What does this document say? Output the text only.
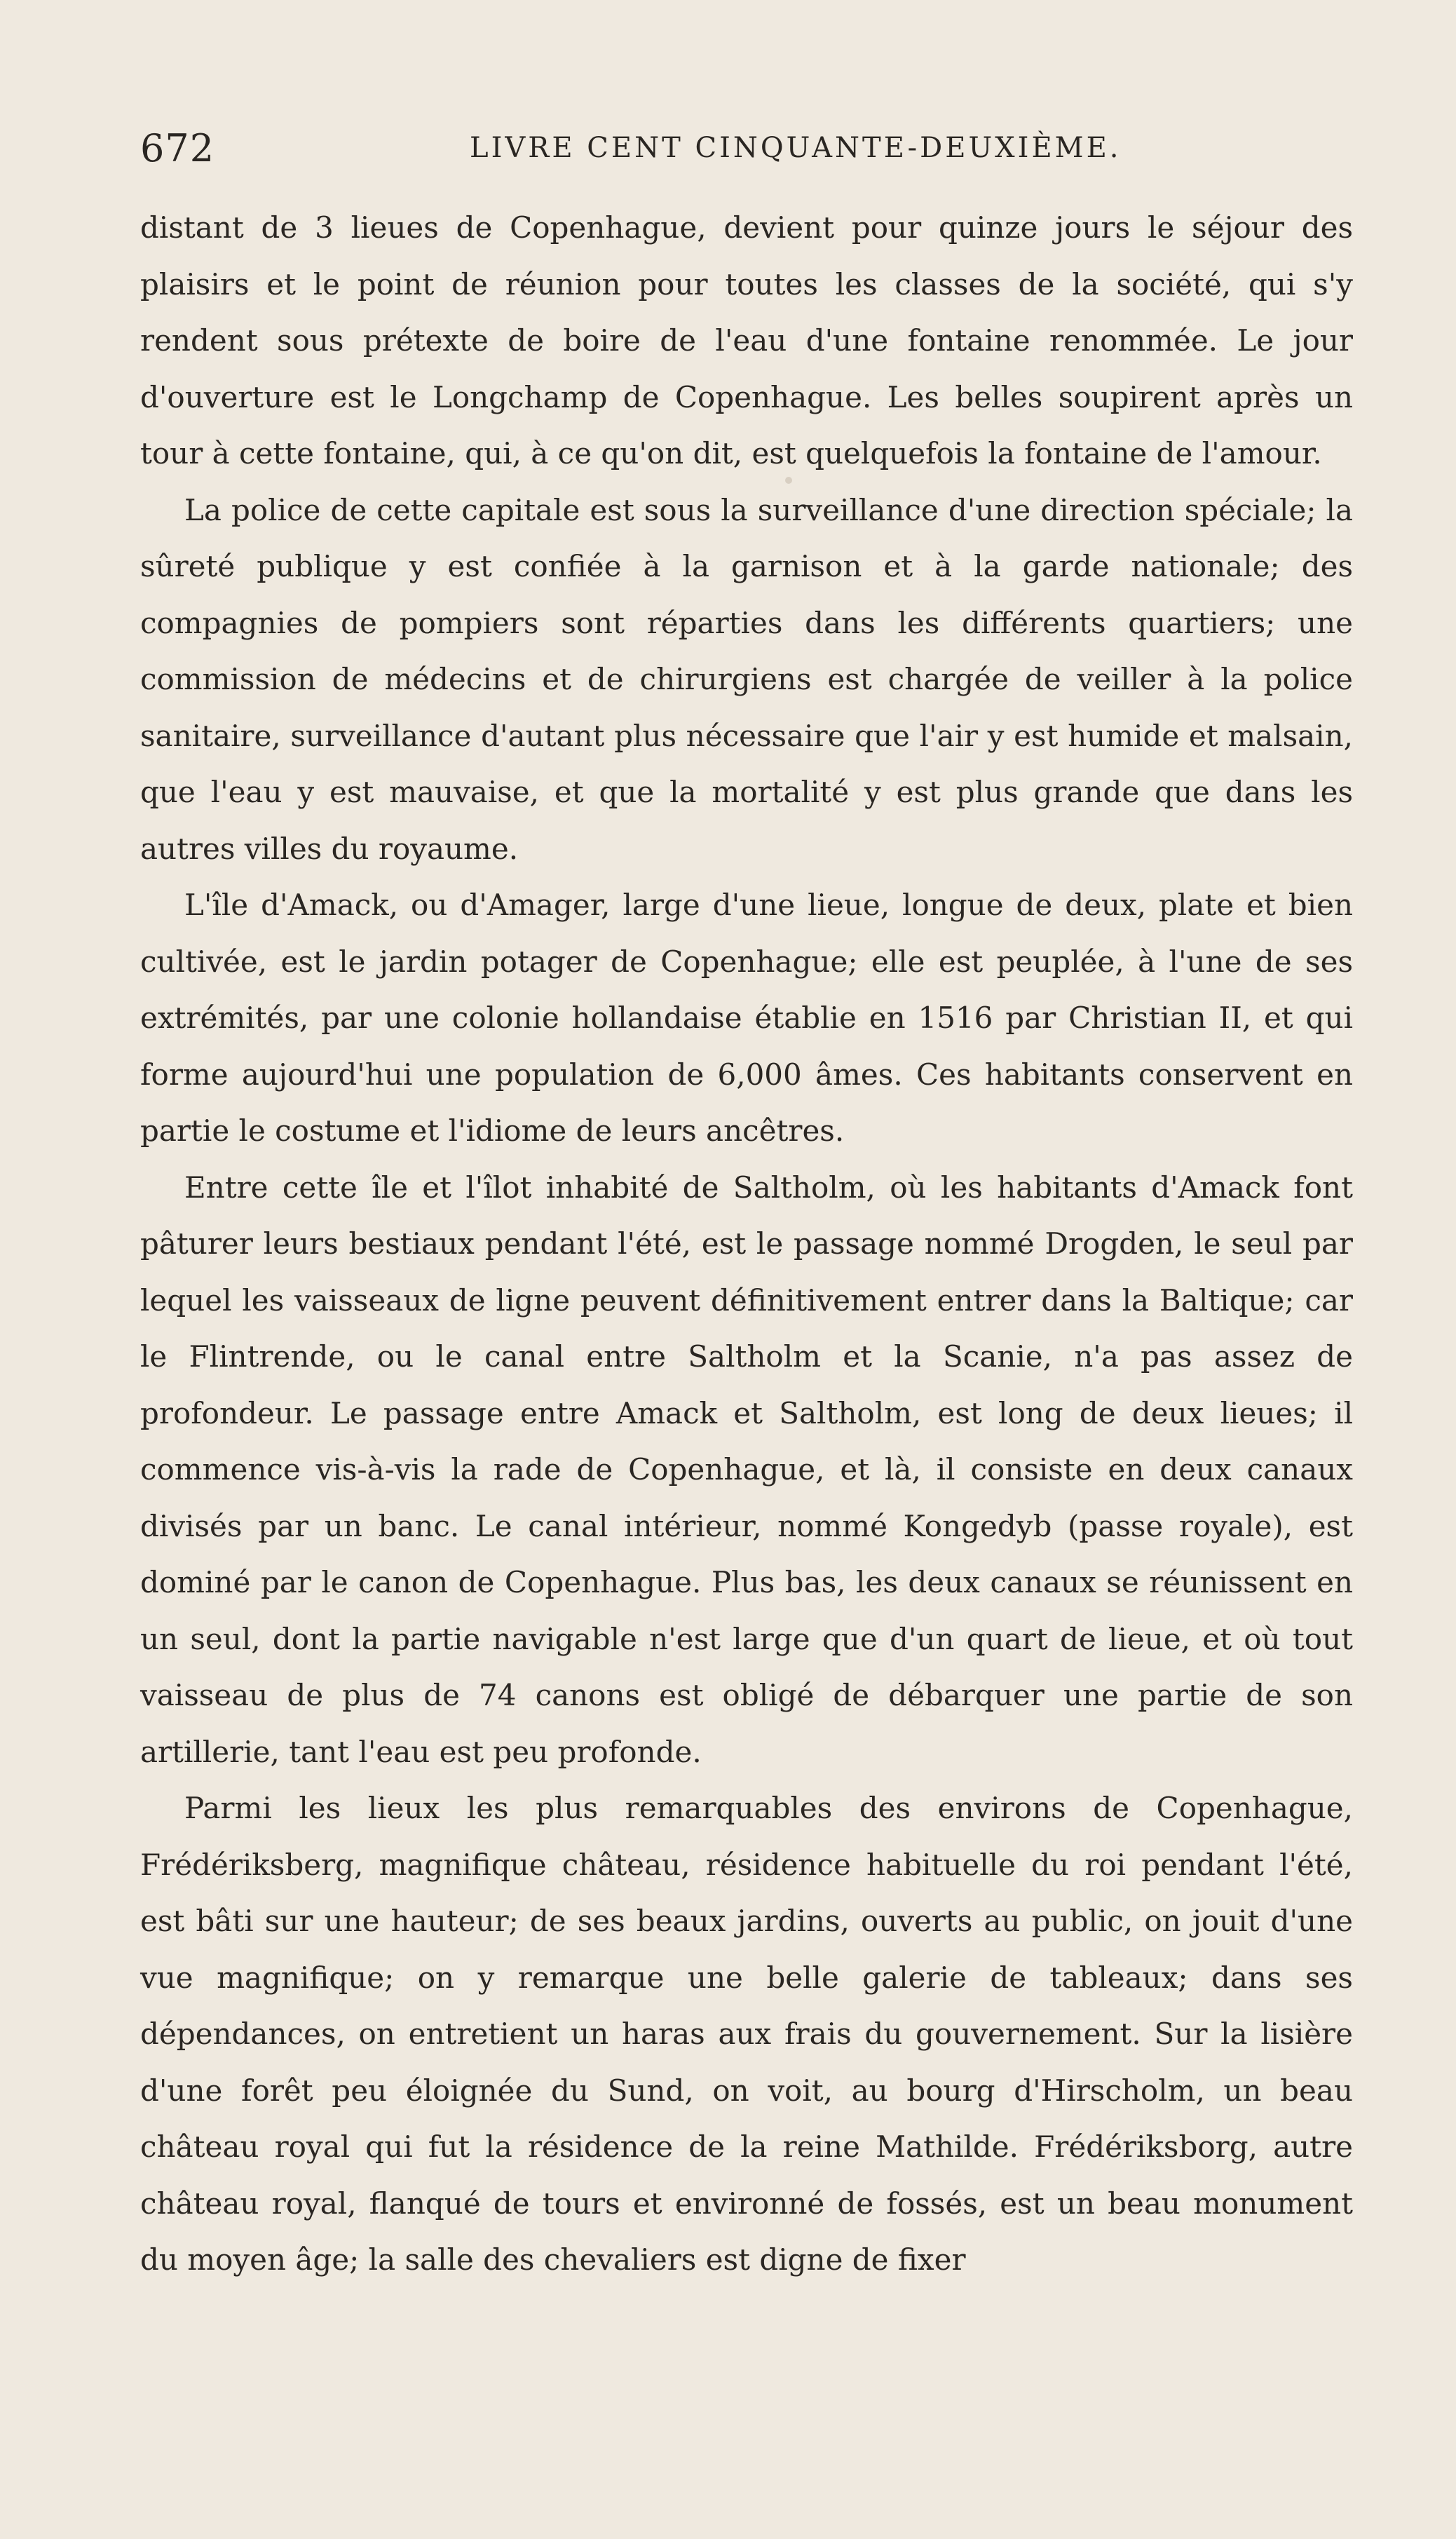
672	LIVRE CENT CINQUANTE-DEUXIÈME.

distant de 3 lieues de Copenhague, devient pour quinze jours le séjour des plaisirs et le point de réunion pour toutes les classes de la société, qui s'y rendent sous prétexte de boire de l'eau d'une fontaine renommée. Le jour d'ouverture est le Longchamp de Copenhague. Les belles soupirent après un tour à cette fontaine, qui, à ce qu'on dit, est quelquefois la fontaine de l'amour.

La police de cette capitale est sous la surveillance d'une direction spéciale; la sûreté publique y est confiée à la garnison et à la garde nationale; des compagnies de pompiers sont réparties dans les différents quartiers; une commission de médecins et de chirurgiens est chargée de veiller à la police sanitaire, surveillance d'autant plus nécessaire que l'air y est humide et malsain, que l'eau y est mauvaise, et que la mortalité y est plus grande que dans les autres villes du royaume.

L'île d'Amack, ou d'Amager, large d'une lieue, longue de deux, plate et bien cultivée, est le jardin potager de Copenhague; elle est peuplée, à l'une de ses extrémités, par une colonie hollandaise établie en 1516 par Christian II, et qui forme aujourd'hui une population de 6,000 âmes. Ces habitants conservent en partie le costume et l'idiome de leurs ancêtres.

Entre cette île et l'îlot inhabité de Saltholm, où les habitants d'Amack font pâturer leurs bestiaux pendant l'été, est le passage nommé Drogden, le seul par lequel les vaisseaux de ligne peuvent définitivement entrer dans la Baltique; car le Flintrende, ou le canal entre Saltholm et la Scanie, n'a pas assez de profondeur. Le passage entre Amack et Saltholm, est long de deux lieues; il commence vis-à-vis la rade de Copenhague, et là, il consiste en deux canaux divisés par un banc. Le canal intérieur, nommé Kongedyb (passe royale), est dominé par le canon de Copenhague. Plus bas, les deux canaux se réunissent en un seul, dont la partie navigable n'est large que d'un quart de lieue, et où tout vaisseau de plus de 74 canons est obligé de débarquer une partie de son artillerie, tant l'eau est peu profonde.

Parmi les lieux les plus remarquables des environs de Copenhague, Frédériksberg, magnifique château, résidence habituelle du roi pendant l'été, est bâti sur une hauteur; de ses beaux jardins, ouverts au public, on jouit d'une vue magnifique; on y remarque une belle galerie de tableaux; dans ses dépendances, on entretient un haras aux frais du gouvernement. Sur la lisière d'une forêt peu éloignée du Sund, on voit, au bourg d'Hirscholm, un beau château royal qui fut la résidence de la reine Mathilde. Frédériksborg, autre château royal, flanqué de tours et environné de fossés, est un beau monument du moyen âge; la salle des chevaliers est digne de fixer
